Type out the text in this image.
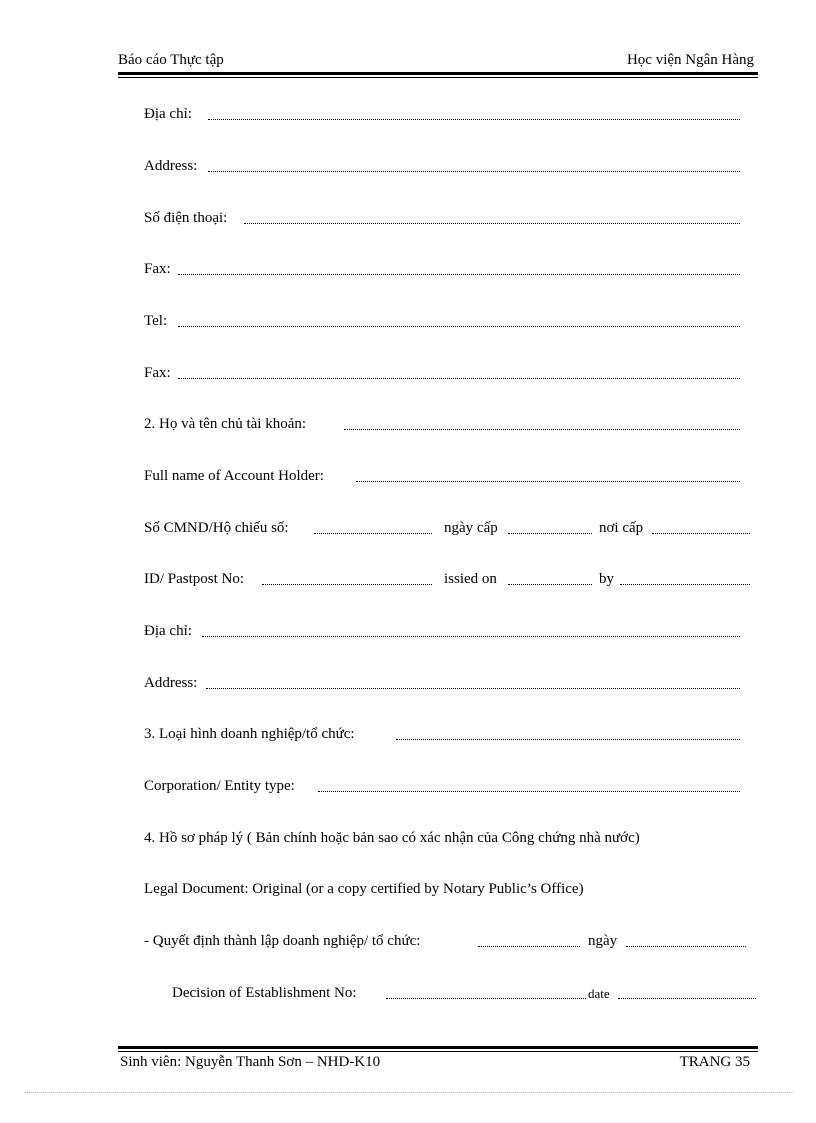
Báo cáo Thực tập	Học viện Ngân Hàng
Địa chỉ:
Address:
Số điện thoại:
Fax:
Tel:
Fax:
2. Họ và tên chủ tài khoản:
Full name of Account Holder:
Số CMND/Hộ chiếu số:	ngày cấp	nơi cấp
ID/ Pastpost No:	issied on	by
Địa chỉ:
Address:
3. Loại hình doanh nghiệp/tổ chức:
Corporation/ Entity type:
4. Hồ sơ pháp lý ( Bản chính hoặc bản sao có xác nhận của Công chứng nhà nước)
Legal Document: Original (or a copy certified by Notary Public’s Office)
- Quyết định thành lập doanh nghiệp/ tổ chức:	ngày
Decision of Establishment No:	date
Sinh viên: Nguyễn Thanh Sơn – NHD-K10	TRANG 35
